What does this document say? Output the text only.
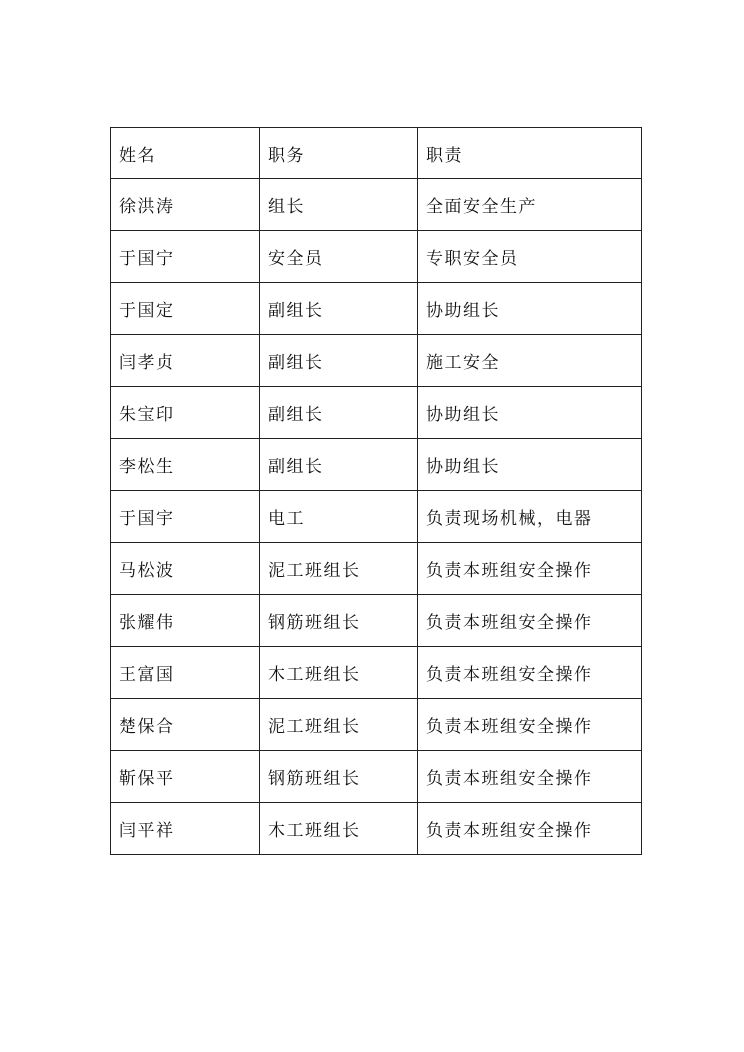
姓名	职务	职责
徐洪涛	组长	全面安全生产
于国宁	安全员	专职安全员
于国定	副组长	协助组长
闫孝贞	副组长	施工安全
朱宝印	副组长	协助组长
李松生	副组长	协助组长
于国宇	电工	负责现场机械，电器
马松波	泥工班组长	负责本班组安全操作
张耀伟	钢筋班组长	负责本班组安全操作
王富国	木工班组长	负责本班组安全操作
楚保合	泥工班组长	负责本班组安全操作
靳保平	钢筋班组长	负责本班组安全操作
闫平祥	木工班组长	负责本班组安全操作
